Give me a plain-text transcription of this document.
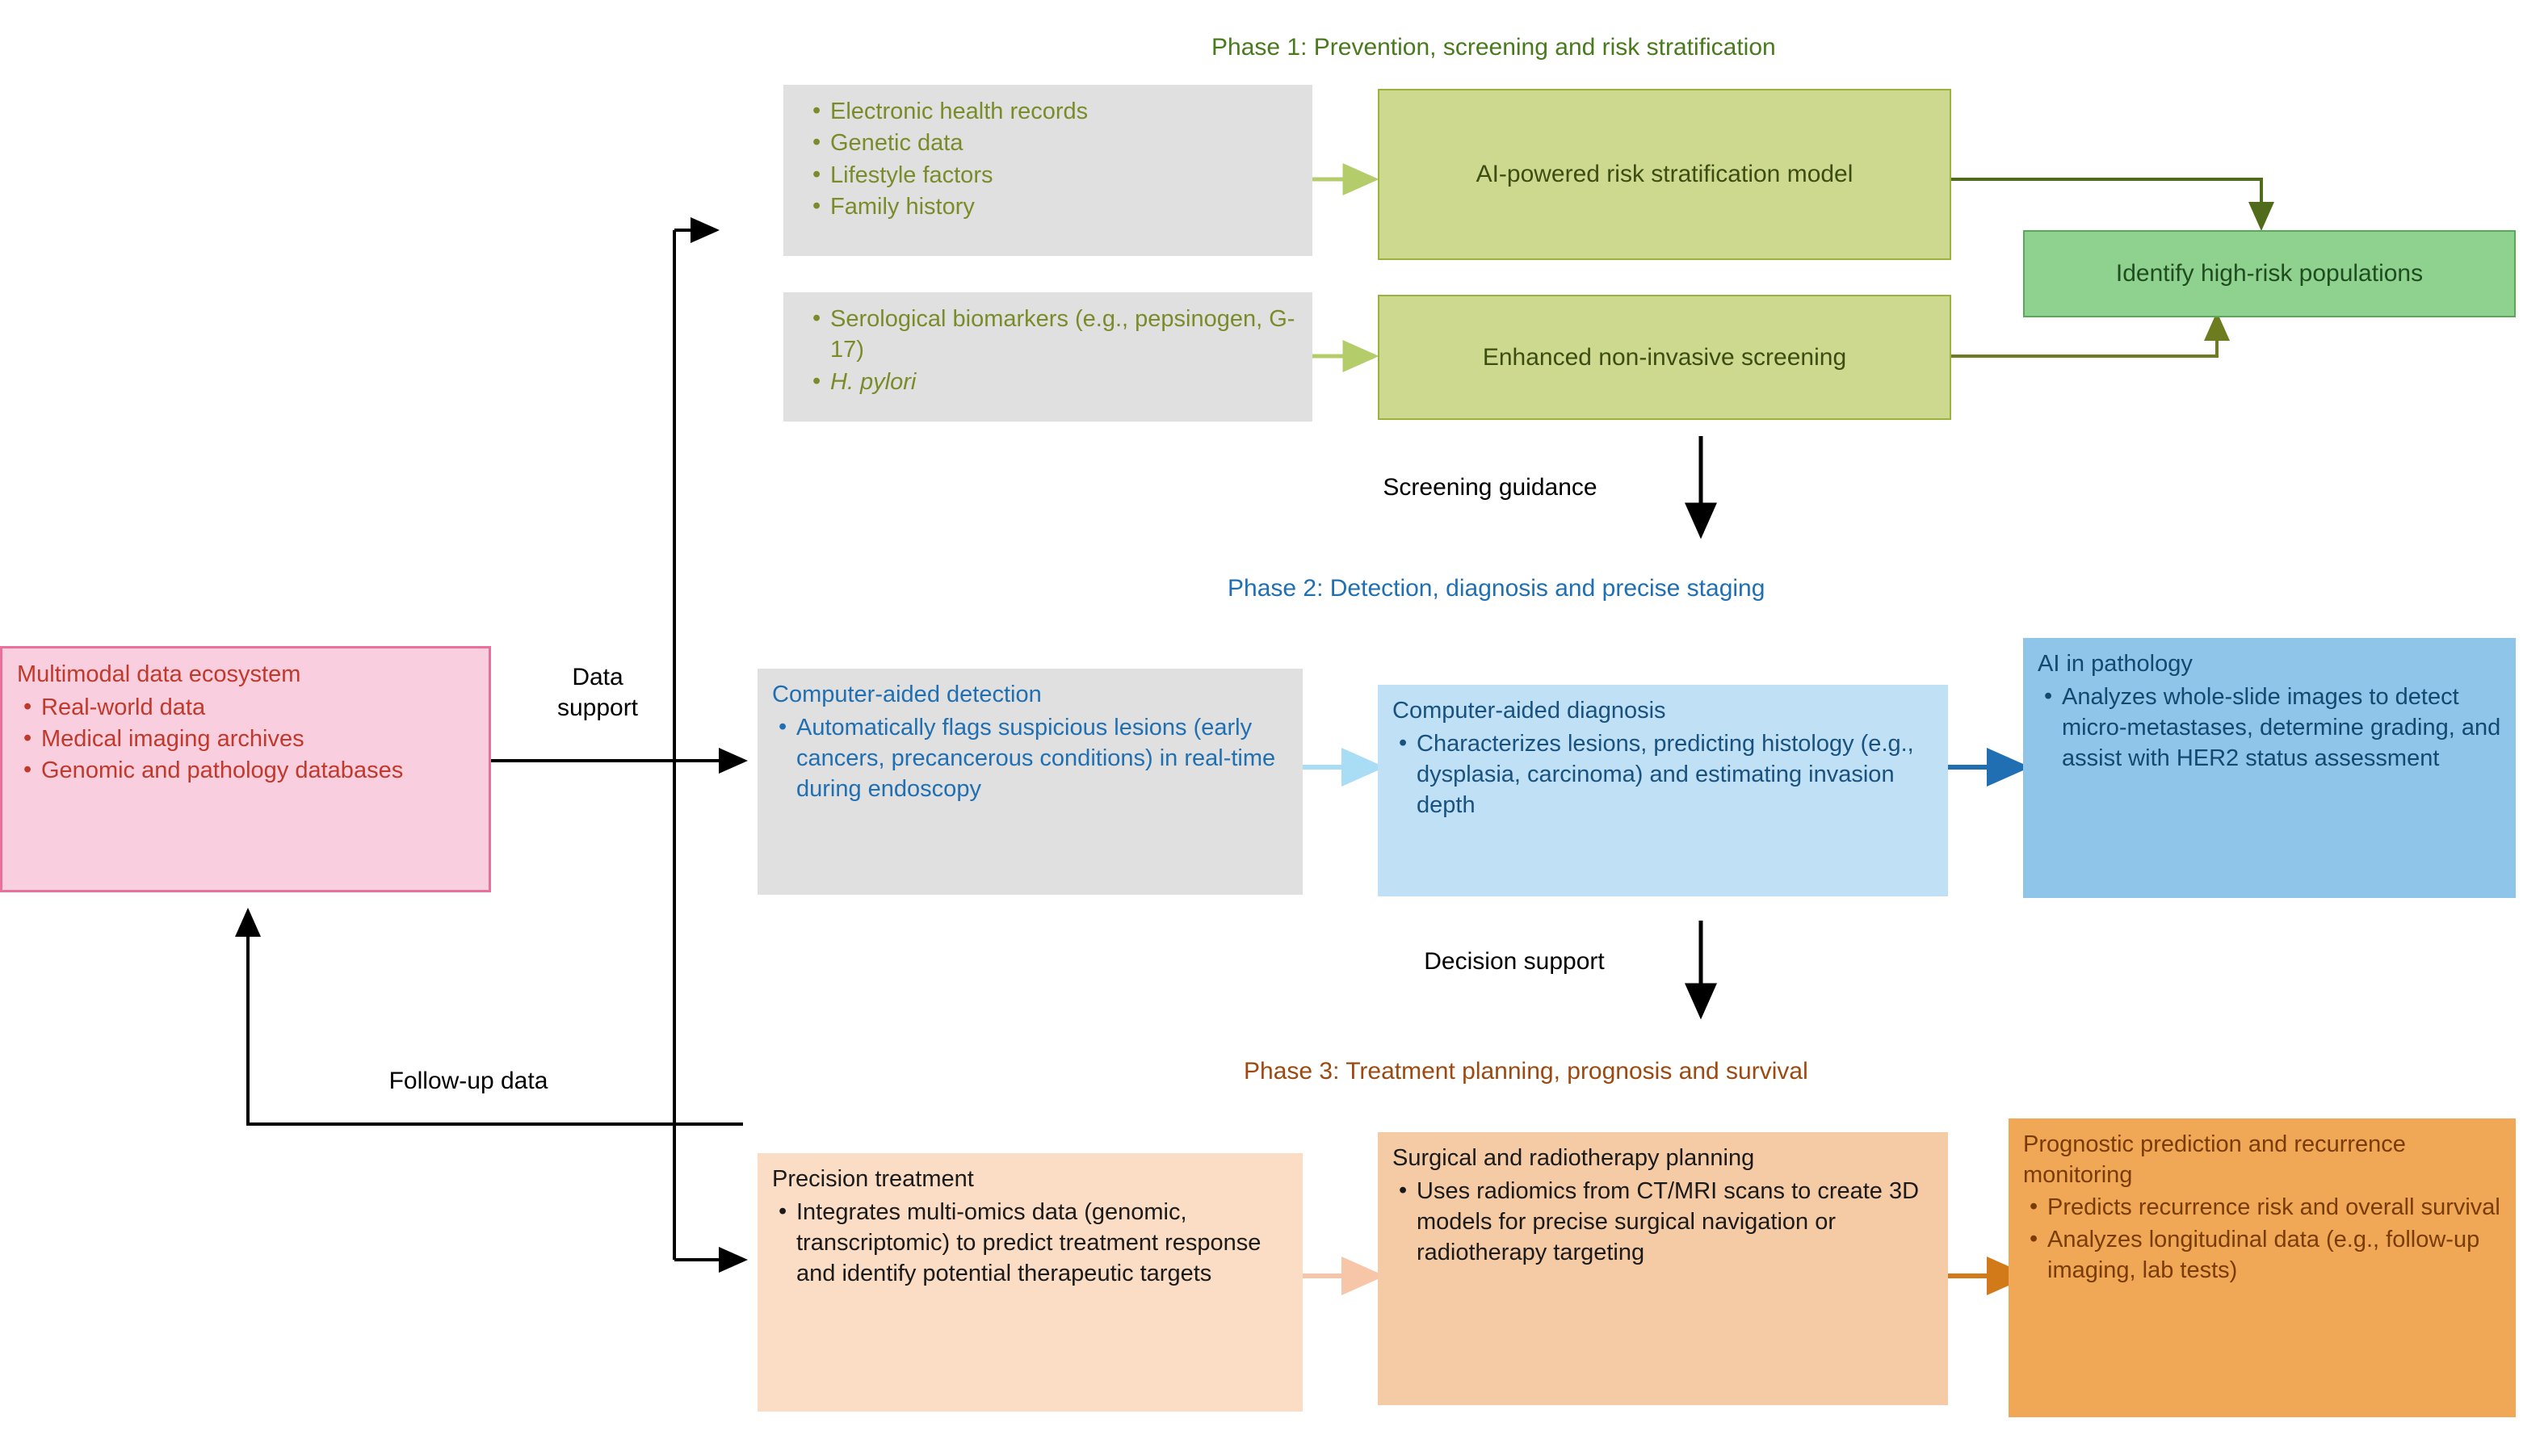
Phase 1: Prevention, screening and risk stratification
Phase 2: Detection, diagnosis and precise staging
Phase 3: Treatment planning, prognosis and survival
Data
support
Screening guidance
Decision support
Follow-up data
Multimodal data ecosystem
• Real-world data
• Medical imaging archives
• Genomic and pathology databases
• Electronic health records
• Genetic data
• Lifestyle factors
• Family history
• Serological biomarkers (e.g., pepsinogen, G-17)
• H. pylori
AI-powered risk stratification model
Enhanced non-invasive screening
Identify high-risk populations
Computer-aided detection
• Automatically flags suspicious lesions (early cancers, precancerous conditions) in real-time during endoscopy
Computer-aided diagnosis
• Characterizes lesions, predicting histology (e.g., dysplasia, carcinoma) and estimating invasion depth
AI in pathology
• Analyzes whole-slide images to detect micro-metastases, determine grading, and assist with HER2 status assessment
Precision treatment
• Integrates multi-omics data (genomic, transcriptomic) to predict treatment response and identify potential therapeutic targets
Surgical and radiotherapy planning
• Uses radiomics from CT/MRI scans to create 3D models for precise surgical navigation or radiotherapy targeting
Prognostic prediction and recurrence monitoring
• Predicts recurrence risk and overall survival
• Analyzes longitudinal data (e.g., follow-up imaging, lab tests)
